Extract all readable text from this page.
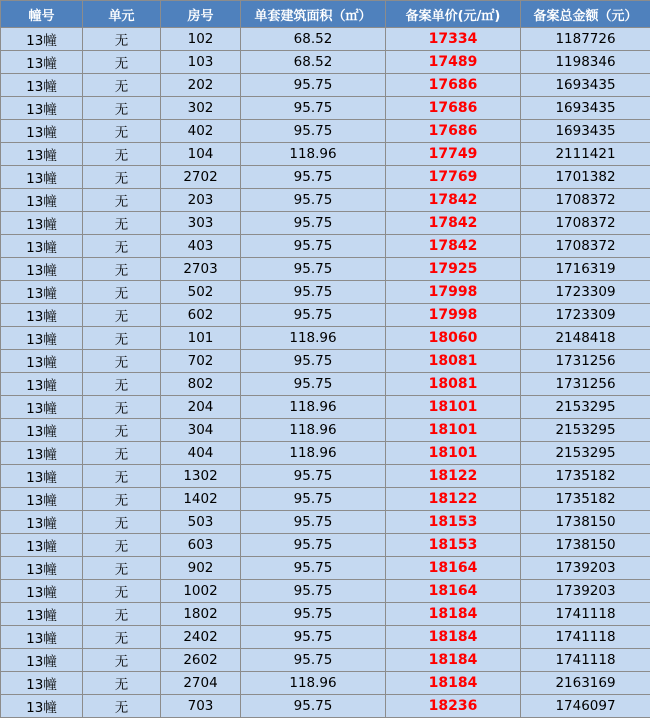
幢号	单元	房号	单套建筑面积（㎡）	备案单价(元/㎡)	备案总金额（元）
13幢	无	102	68.52	17334	1187726
13幢	无	103	68.52	17489	1198346
13幢	无	202	95.75	17686	1693435
13幢	无	302	95.75	17686	1693435
13幢	无	402	95.75	17686	1693435
13幢	无	104	118.96	17749	2111421
13幢	无	2702	95.75	17769	1701382
13幢	无	203	95.75	17842	1708372
13幢	无	303	95.75	17842	1708372
13幢	无	403	95.75	17842	1708372
13幢	无	2703	95.75	17925	1716319
13幢	无	502	95.75	17998	1723309
13幢	无	602	95.75	17998	1723309
13幢	无	101	118.96	18060	2148418
13幢	无	702	95.75	18081	1731256
13幢	无	802	95.75	18081	1731256
13幢	无	204	118.96	18101	2153295
13幢	无	304	118.96	18101	2153295
13幢	无	404	118.96	18101	2153295
13幢	无	1302	95.75	18122	1735182
13幢	无	1402	95.75	18122	1735182
13幢	无	503	95.75	18153	1738150
13幢	无	603	95.75	18153	1738150
13幢	无	902	95.75	18164	1739203
13幢	无	1002	95.75	18164	1739203
13幢	无	1802	95.75	18184	1741118
13幢	无	2402	95.75	18184	1741118
13幢	无	2602	95.75	18184	1741118
13幢	无	2704	118.96	18184	2163169
13幢	无	703	95.75	18236	1746097
